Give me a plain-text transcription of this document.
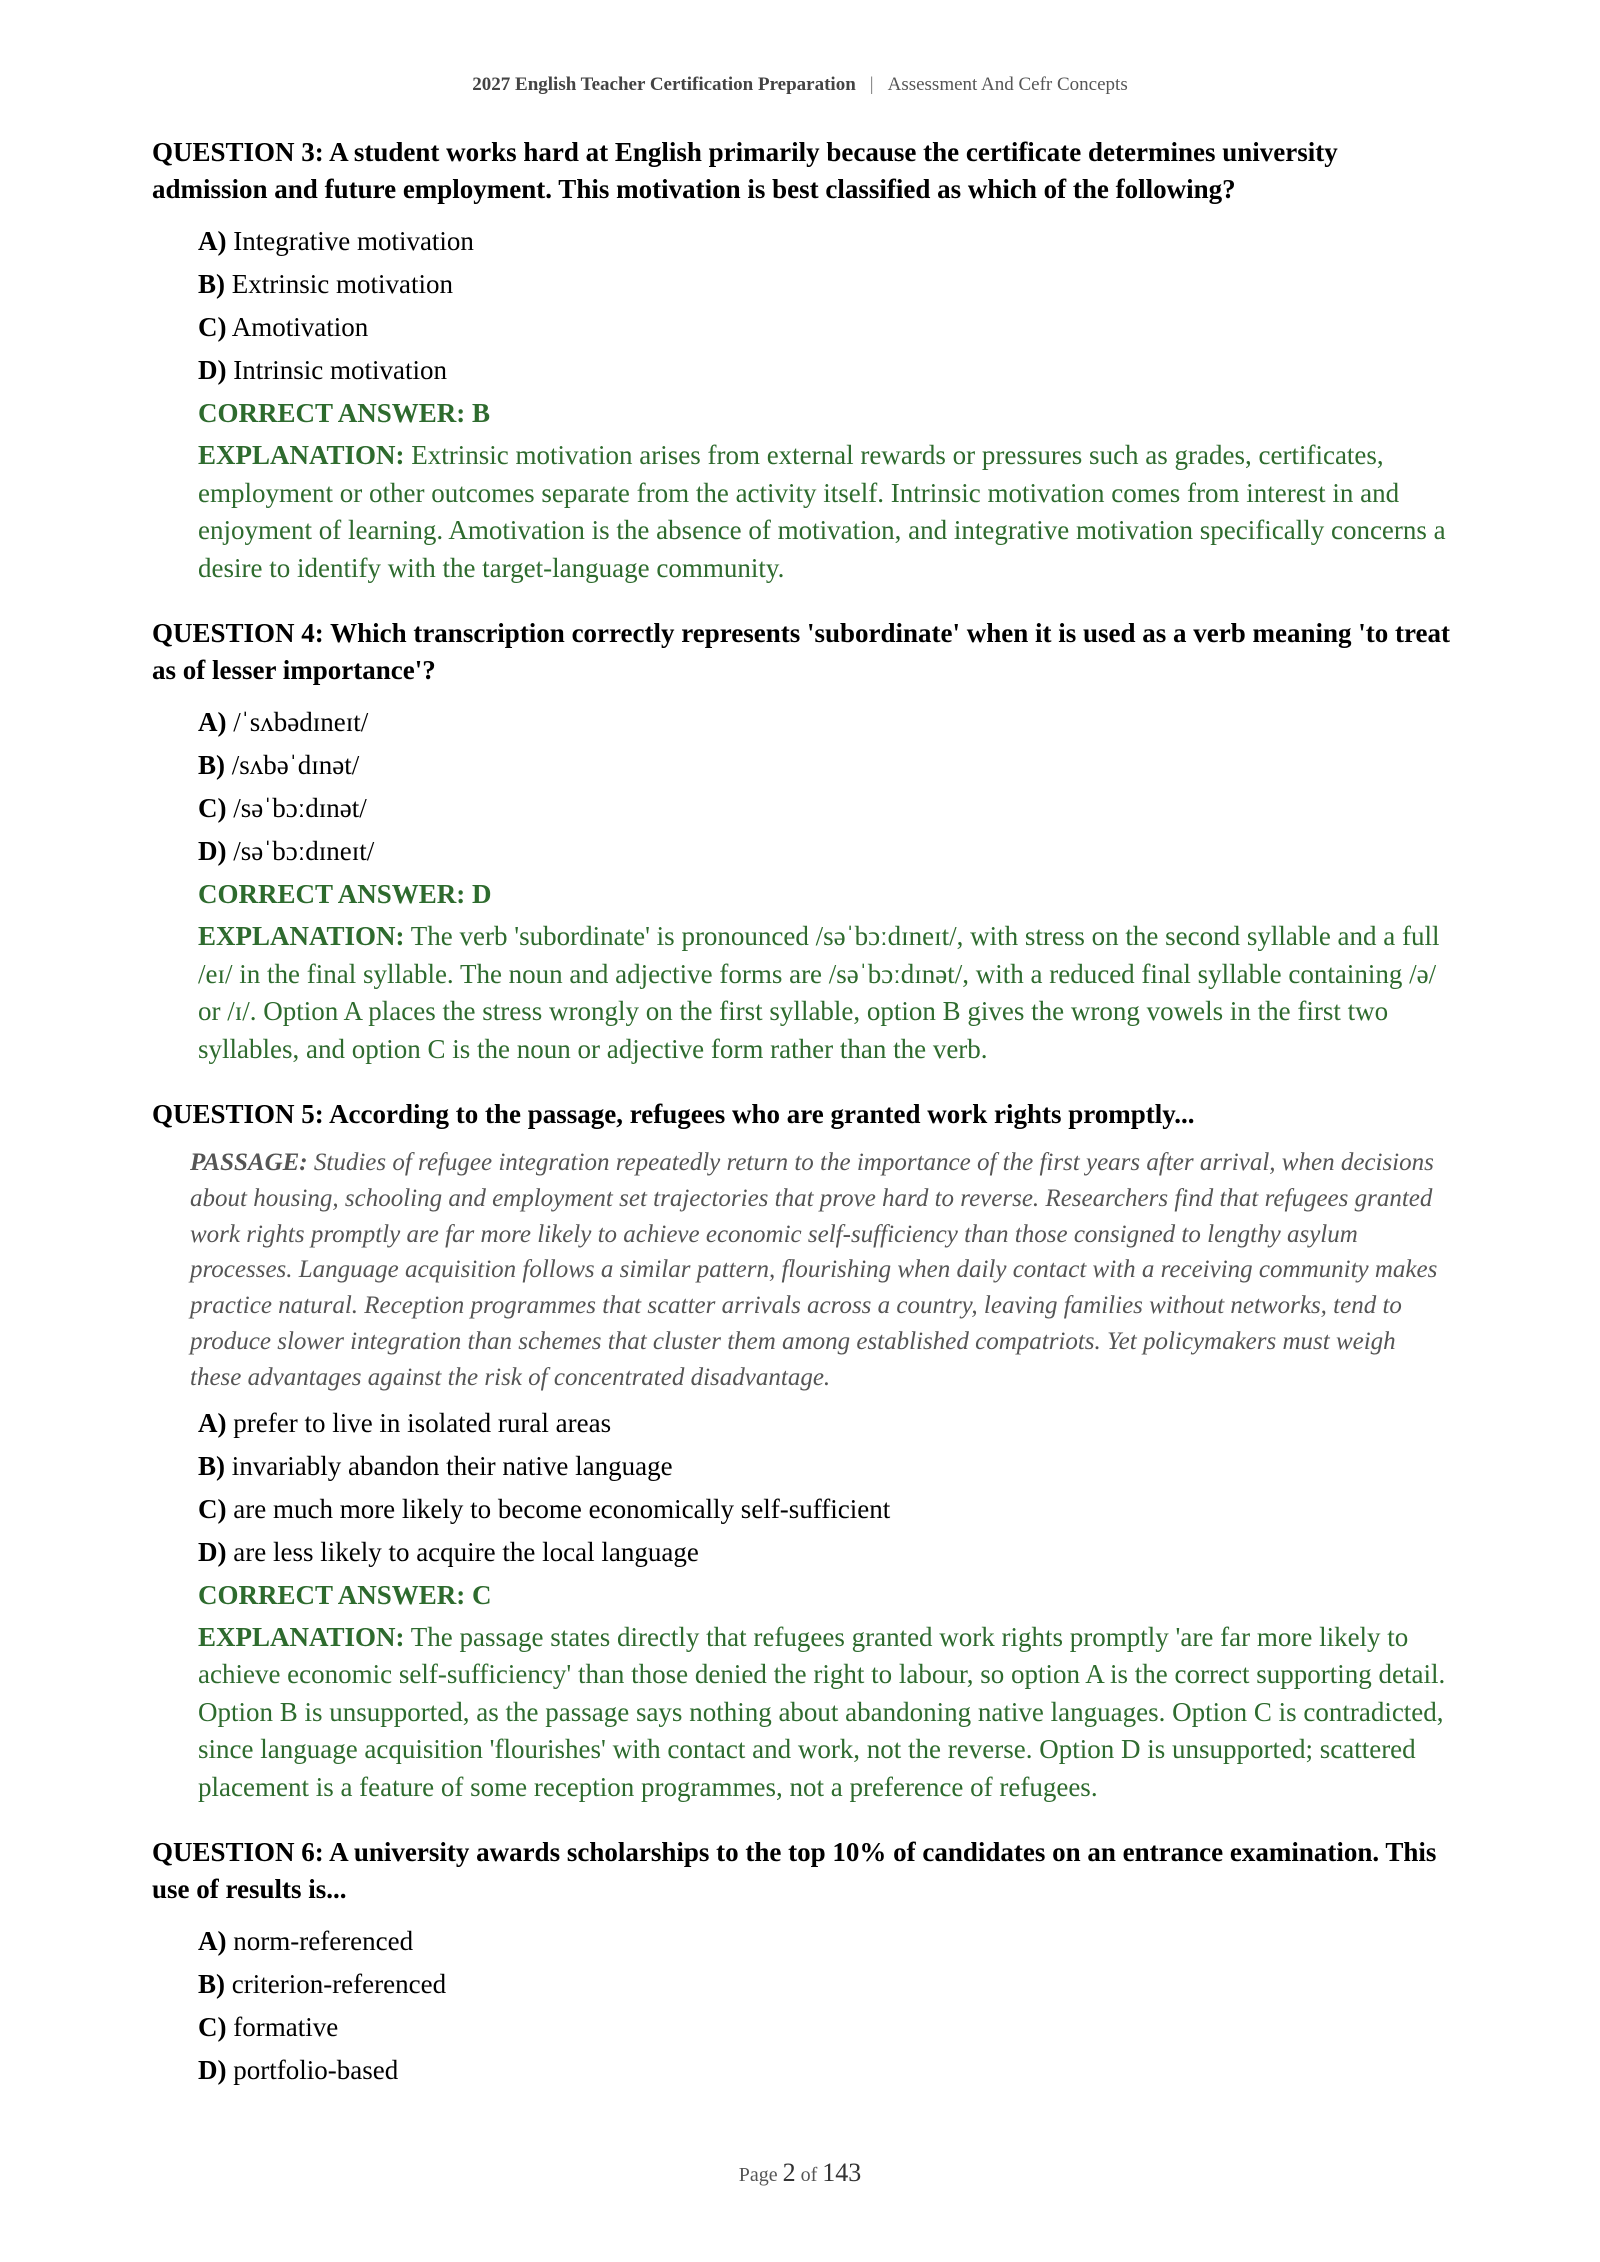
2027 English Teacher Certification Preparation | Assessment And Cefr Concepts

QUESTION 3: A student works hard at English primarily because the certificate determines university admission and future employment. This motivation is best classified as which of the following?

A) Integrative motivation
B) Extrinsic motivation
C) Amotivation
D) Intrinsic motivation
CORRECT ANSWER: B
EXPLANATION: Extrinsic motivation arises from external rewards or pressures such as grades, certificates, employment or other outcomes separate from the activity itself. Intrinsic motivation comes from interest in and enjoyment of learning. Amotivation is the absence of motivation, and integrative motivation specifically concerns a desire to identify with the target-language community.

QUESTION 4: Which transcription correctly represents 'subordinate' when it is used as a verb meaning 'to treat as of lesser importance'?

A) /ˈsʌbədɪneɪt/
B) /sʌbəˈdɪnət/
C) /səˈbɔːdɪnət/
D) /səˈbɔːdɪneɪt/
CORRECT ANSWER: D
EXPLANATION: The verb 'subordinate' is pronounced /səˈbɔːdɪneɪt/, with stress on the second syllable and a full /eɪ/ in the final syllable. The noun and adjective forms are /səˈbɔːdɪnət/, with a reduced final syllable containing /ə/ or /ɪ/. Option A places the stress wrongly on the first syllable, option B gives the wrong vowels in the first two syllables, and option C is the noun or adjective form rather than the verb.

QUESTION 5: According to the passage, refugees who are granted work rights promptly...

PASSAGE: Studies of refugee integration repeatedly return to the importance of the first years after arrival, when decisions about housing, schooling and employment set trajectories that prove hard to reverse. Researchers find that refugees granted work rights promptly are far more likely to achieve economic self-sufficiency than those consigned to lengthy asylum processes. Language acquisition follows a similar pattern, flourishing when daily contact with a receiving community makes practice natural. Reception programmes that scatter arrivals across a country, leaving families without networks, tend to produce slower integration than schemes that cluster them among established compatriots. Yet policymakers must weigh these advantages against the risk of concentrated disadvantage.
A) prefer to live in isolated rural areas
B) invariably abandon their native language
C) are much more likely to become economically self-sufficient
D) are less likely to acquire the local language
CORRECT ANSWER: C
EXPLANATION: The passage states directly that refugees granted work rights promptly 'are far more likely to achieve economic self-sufficiency' than those denied the right to labour, so option A is the correct supporting detail. Option B is unsupported, as the passage says nothing about abandoning native languages. Option C is contradicted, since language acquisition 'flourishes' with contact and work, not the reverse. Option D is unsupported; scattered placement is a feature of some reception programmes, not a preference of refugees.

QUESTION 6: A university awards scholarships to the top 10% of candidates on an entrance examination. This use of results is...

A) norm-referenced
B) criterion-referenced
C) formative
D) portfolio-based
Page 2 of 143
